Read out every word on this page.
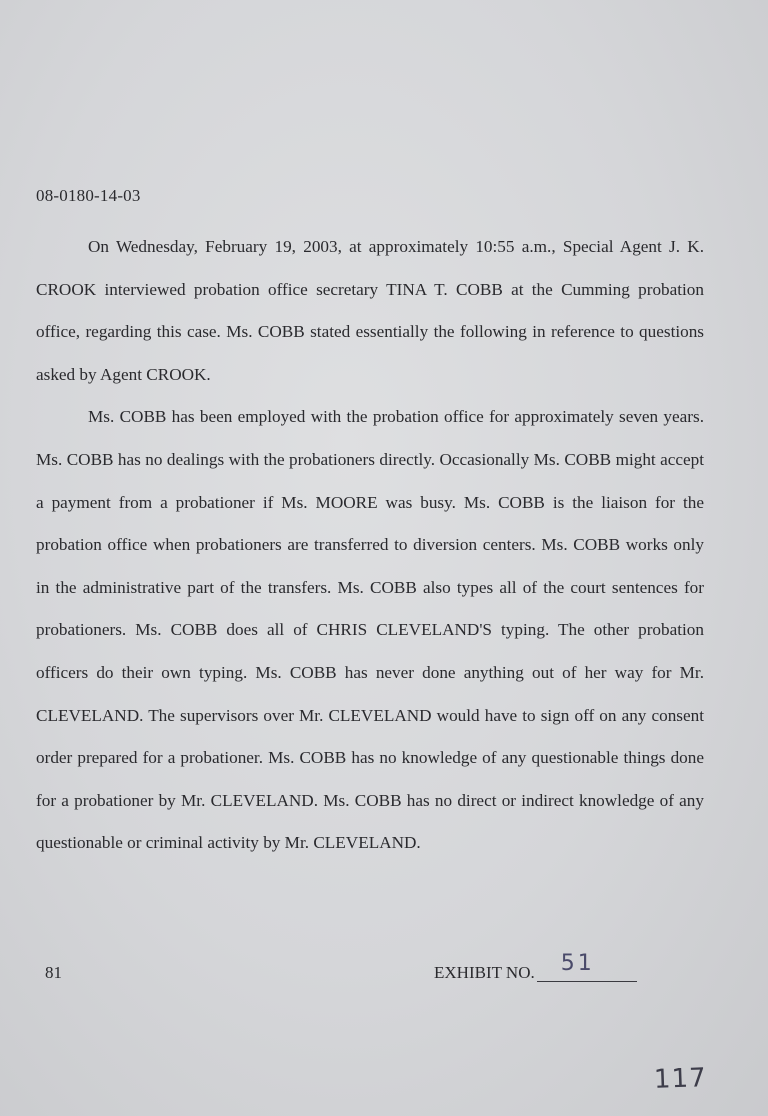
08-0180-14-03

On Wednesday, February 19, 2003, at approximately 10:55 a.m., Special Agent J. K. CROOK interviewed probation office secretary TINA T. COBB at the Cumming probation office, regarding this case. Ms. COBB stated essentially the following in reference to questions asked by Agent CROOK.

Ms. COBB has been employed with the probation office for approximately seven years. Ms. COBB has no dealings with the probationers directly. Occasionally Ms. COBB might accept a payment from a probationer if Ms. MOORE was busy. Ms. COBB is the liaison for the probation office when probationers are transferred to diversion centers. Ms. COBB works only in the administrative part of the transfers. Ms. COBB also types all of the court sentences for probationers. Ms. COBB does all of CHRIS CLEVELAND'S typing. The other probation officers do their own typing. Ms. COBB has never done anything out of her way for Mr. CLEVELAND. The supervisors over Mr. CLEVELAND would have to sign off on any consent order prepared for a probationer. Ms. COBB has no knowledge of any questionable things done for a probationer by Mr. CLEVELAND. Ms. COBB has no direct or indirect knowledge of any questionable or criminal activity by Mr. CLEVELAND.

81	EXHIBIT NO. 51
117
